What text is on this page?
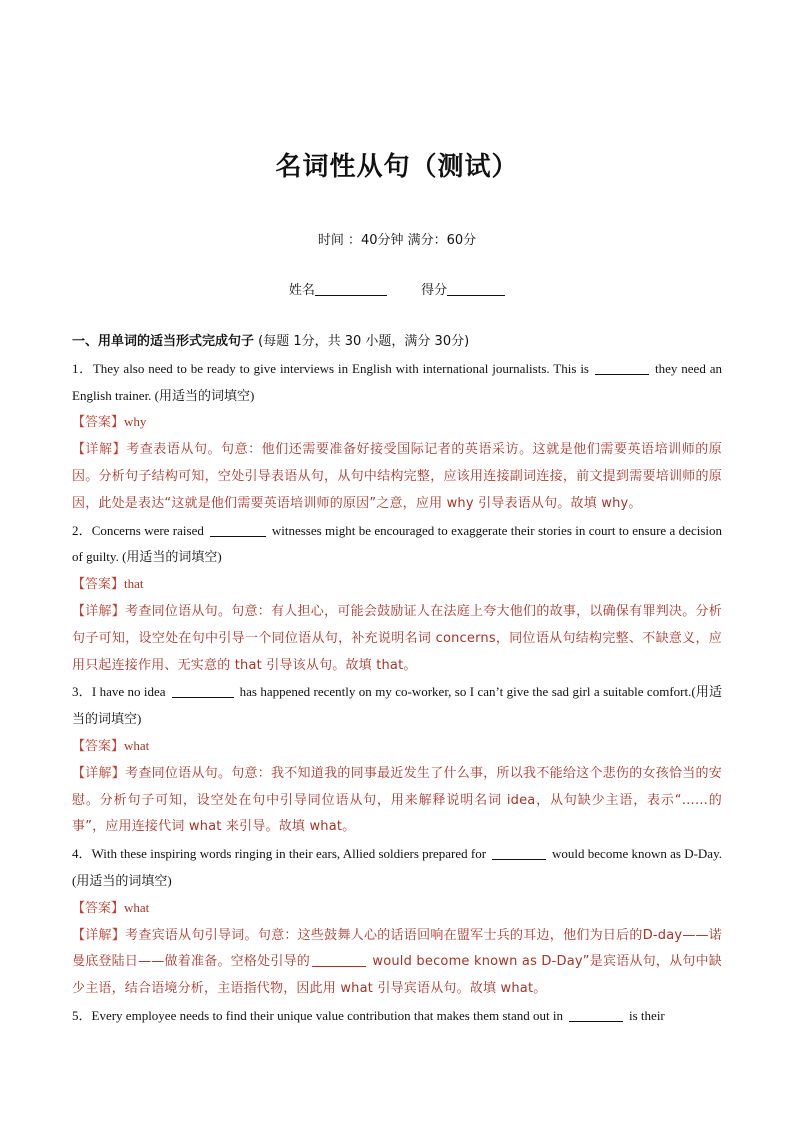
名词性从句（测试）
时间 ：40分钟 满分：60分
姓名	得分
一、用单词的适当形式完成句子 (每题 1分，共 30 小题，满分 30分)
1．They also need to be ready to give interviews in English with international journalists. This is	they need an English trainer. (用适当的词填空)
【答案】why
【详解】考查表语从句。句意：他们还需要准备好接受国际记者的英语采访。这就是他们需要英语培训师的原因。分析句子结构可知，空处引导表语从句，从句中结构完整，应该用连接副词连接，前文提到需要培训师的原因，此处是表达“这就是他们需要英语培训师的原因”之意，应用 why 引导表语从句。故填 why。
2．Concerns were raised	witnesses might be encouraged to exaggerate their stories in court to ensure a decision of guilty. (用适当的词填空)
【答案】that
【详解】考查同位语从句。句意：有人担心，可能会鼓励证人在法庭上夸大他们的故事，以确保有罪判决。分析句子可知，设空处在句中引导一个同位语从句，补充说明名词 concerns，同位语从句结构完整、不缺意义，应用只起连接作用、无实意的 that 引导该从句。故填 that。
3．I have no idea	has happened recently on my co-worker, so I can’t give the sad girl a suitable comfort.(用适当的词填空)
【答案】what
【详解】考查同位语从句。句意：我不知道我的同事最近发生了什么事，所以我不能给这个悲伤的女孩恰当的安慰。分析句子可知，设空处在句中引导同位语从句，用来解释说明名词 idea，从句缺少主语，表示“……的事”，应用连接代词 what 来引导。故填 what。
4．With these inspiring words ringing in their ears, Allied soldiers prepared for	would become known as D-Day. (用适当的词填空)
【答案】what
【详解】考查宾语从句引导词。句意：这些鼓舞人心的话语回响在盟军士兵的耳边，他们为日后的D-day——诺曼底登陆日——做着准备。空格处引导的	would become known as D-Day”是宾语从句，从句中缺少主语，结合语境分析，主语指代物，因此用 what 引导宾语从句。故填 what。
5．Every employee needs to find their unique value contribution that makes them stand out in	is their
